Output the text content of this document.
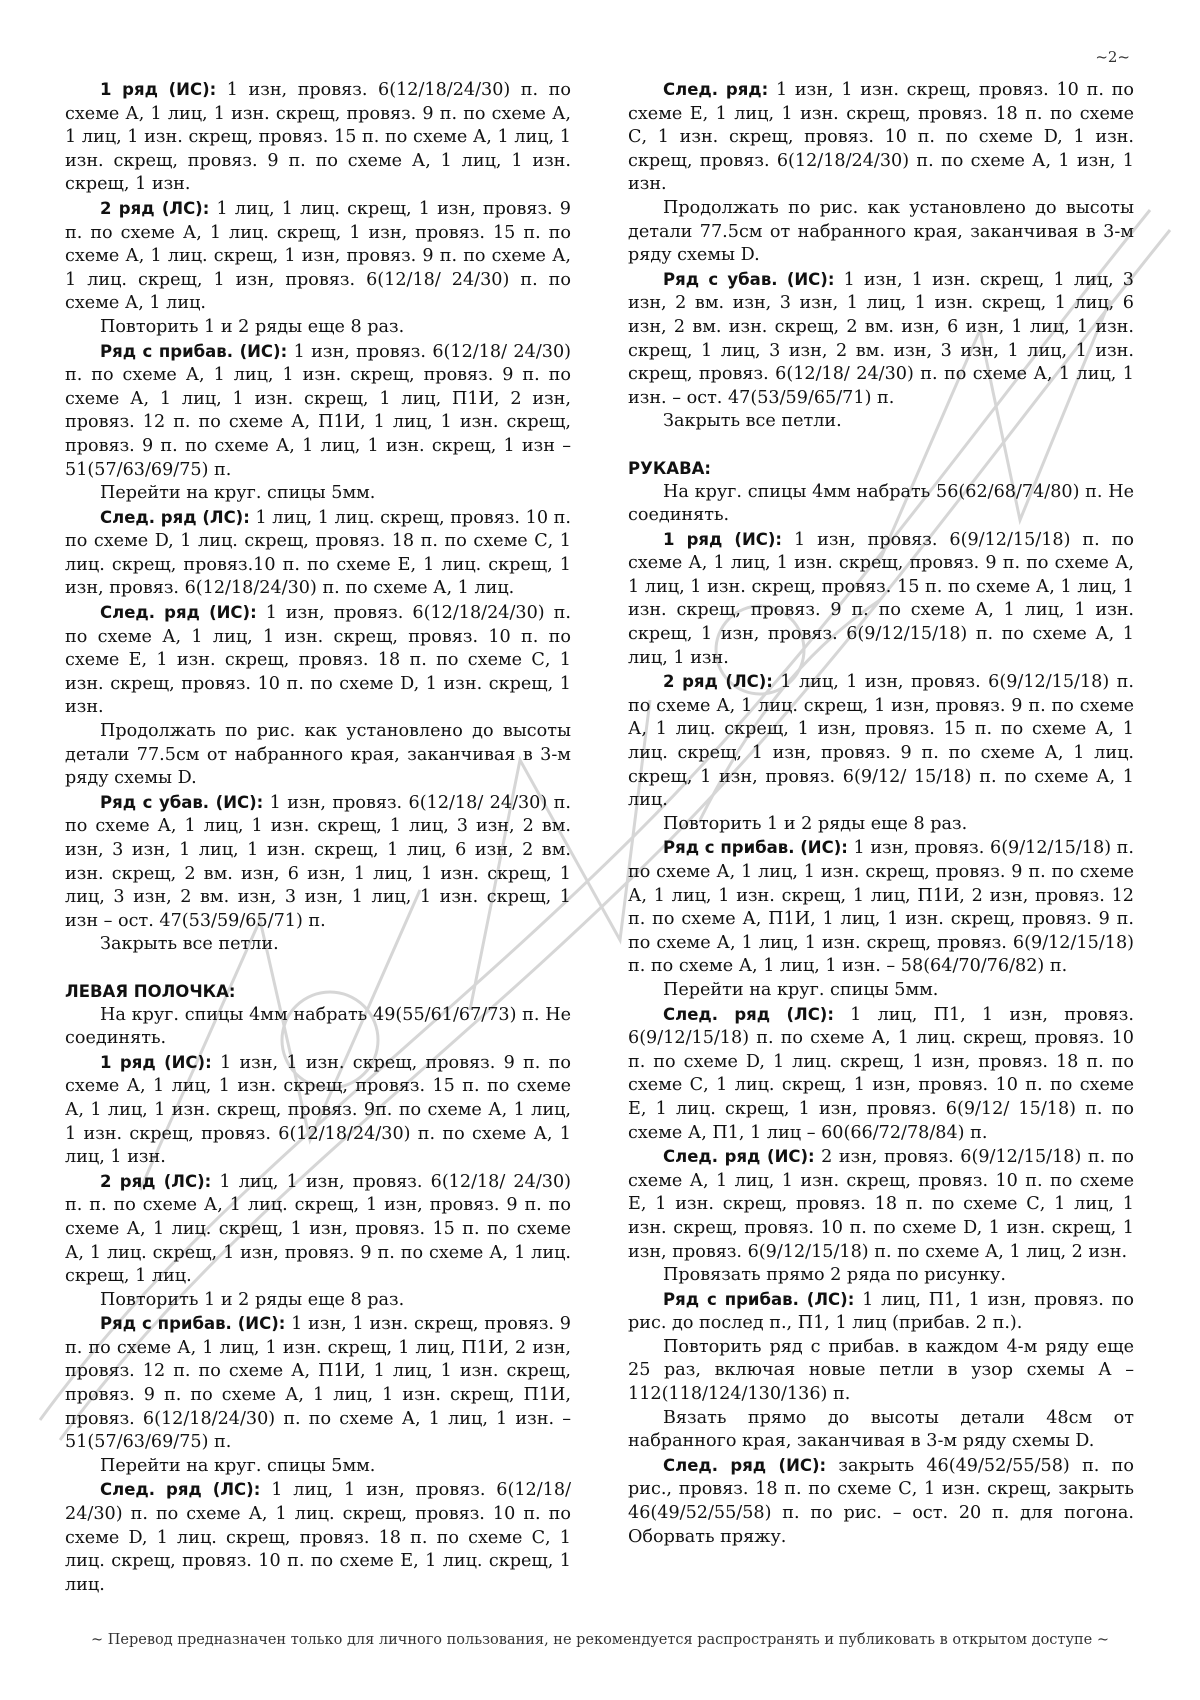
~2~

1 ряд (ИС): 1 изн, провяз. 6(12/18/24/30) п. по схеме А, 1 лиц, 1 изн. скрещ, провяз. 9 п. по схеме А, 1 лиц, 1 изн. скрещ, провяз. 15 п. по схеме А, 1 лиц, 1 изн. скрещ, провяз. 9 п. по схеме А, 1 лиц, 1 изн. скрещ, 1 изн.

2 ряд (ЛС): 1 лиц, 1 лиц. скрещ, 1 изн, провяз. 9 п. по схеме А, 1 лиц. скрещ, 1 изн, провяз. 15 п. по схеме А, 1 лиц. скрещ, 1 изн, провяз. 9 п. по схеме А, 1 лиц. скрещ, 1 изн, провяз. 6(12/18/ 24/30) п. по схеме А, 1 лиц.

Повторить 1 и 2 ряды еще 8 раз.

Ряд с прибав. (ИС): 1 изн, провяз. 6(12/18/ 24/30) п. по схеме А, 1 лиц, 1 изн. скрещ, провяз. 9 п. по схеме А, 1 лиц, 1 изн. скрещ, 1 лиц, П1И, 2 изн, провяз. 12 п. по схеме А, П1И, 1 лиц, 1 изн. скрещ, провяз. 9 п. по схеме А, 1 лиц, 1 изн. скрещ, 1 изн – 51(57/63/69/75) п.

Перейти на круг. спицы 5мм.

След. ряд (ЛС): 1 лиц, 1 лиц. скрещ, провяз. 10 п. по схеме D, 1 лиц. скрещ, провяз. 18 п. по схеме С, 1 лиц. скрещ, провяз.10 п. по схеме Е, 1 лиц. скрещ, 1 изн, провяз. 6(12/18/24/30) п. по схеме А, 1 лиц.

След. ряд (ИС): 1 изн, провяз. 6(12/18/24/30) п. по схеме А, 1 лиц, 1 изн. скрещ, провяз. 10 п. по схеме Е, 1 изн. скрещ, провяз. 18 п. по схеме С, 1 изн. скрещ, провяз. 10 п. по схеме D, 1 изн. скрещ, 1 изн.

Продолжать по рис. как установлено до высоты детали 77.5см от набранного края, заканчивая в 3-м ряду схемы D.

Ряд с убав. (ИС): 1 изн, провяз. 6(12/18/ 24/30) п. по схеме А, 1 лиц, 1 изн. скрещ, 1 лиц, 3 изн, 2 вм. изн, 3 изн, 1 лиц, 1 изн. скрещ, 1 лиц, 6 изн, 2 вм. изн. скрещ, 2 вм. изн, 6 изн, 1 лиц, 1 изн. скрещ, 1 лиц, 3 изн, 2 вм. изн, 3 изн, 1 лиц, 1 изн. скрещ, 1 изн – ост. 47(53/59/65/71) п.

Закрыть все петли.

ЛЕВАЯ ПОЛОЧКА:

На круг. спицы 4мм набрать 49(55/61/67/73) п. Не соединять.

1 ряд (ИС): 1 изн, 1 изн. скрещ, провяз. 9 п. по схеме А, 1 лиц, 1 изн. скрещ, провяз. 15 п. по схеме А, 1 лиц, 1 изн. скрещ, провяз. 9п. по схеме А, 1 лиц, 1 изн. скрещ, провяз. 6(12/18/24/30) п. по схеме А, 1 лиц, 1 изн.

2 ряд (ЛС): 1 лиц, 1 изн, провяз. 6(12/18/ 24/30) п. п. по схеме А, 1 лиц. скрещ, 1 изн, провяз. 9 п. по схеме А, 1 лиц. скрещ, 1 изн, провяз. 15 п. по схеме А, 1 лиц. скрещ, 1 изн, провяз. 9 п. по схеме А, 1 лиц. скрещ, 1 лиц.

Повторить 1 и 2 ряды еще 8 раз.

Ряд с прибав. (ИС): 1 изн, 1 изн. скрещ, провяз. 9 п. по схеме А, 1 лиц, 1 изн. скрещ, 1 лиц, П1И, 2 изн, провяз. 12 п. по схеме А, П1И, 1 лиц, 1 изн. скрещ, провяз. 9 п. по схеме А, 1 лиц, 1 изн. скрещ, П1И, провяз. 6(12/18/24/30) п. по схеме А, 1 лиц, 1 изн. – 51(57/63/69/75) п.

Перейти на круг. спицы 5мм.

След. ряд (ЛС): 1 лиц, 1 изн, провяз. 6(12/18/ 24/30) п. по схеме А, 1 лиц. скрещ, провяз. 10 п. по схеме D, 1 лиц. скрещ, провяз. 18 п. по схеме С, 1 лиц. скрещ, провяз. 10 п. по схеме Е, 1 лиц. скрещ, 1 лиц.

След. ряд: 1 изн, 1 изн. скрещ, провяз. 10 п. по схеме Е, 1 лиц, 1 изн. скрещ, провяз. 18 п. по схеме С, 1 изн. скрещ, провяз. 10 п. по схеме D, 1 изн. скрещ, провяз. 6(12/18/24/30) п. по схеме А, 1 изн, 1 изн.

Продолжать по рис. как установлено до высоты детали 77.5см от набранного края, заканчивая в 3-м ряду схемы D.

Ряд с убав. (ИС): 1 изн, 1 изн. скрещ, 1 лиц, 3 изн, 2 вм. изн, 3 изн, 1 лиц, 1 изн. скрещ, 1 лиц, 6 изн, 2 вм. изн. скрещ, 2 вм. изн, 6 изн, 1 лиц, 1 изн. скрещ, 1 лиц, 3 изн, 2 вм. изн, 3 изн, 1 лиц, 1 изн. скрещ, провяз. 6(12/18/ 24/30) п. по схеме А, 1 лиц, 1 изн. – ост. 47(53/59/65/71) п.

Закрыть все петли.

РУКАВА:

На круг. спицы 4мм набрать 56(62/68/74/80) п. Не соединять.

1 ряд (ИС): 1 изн, провяз. 6(9/12/15/18) п. по схеме А, 1 лиц, 1 изн. скрещ, провяз. 9 п. по схеме А, 1 лиц, 1 изн. скрещ, провяз. 15 п. по схеме А, 1 лиц, 1 изн. скрещ, провяз. 9 п. по схеме А, 1 лиц, 1 изн. скрещ, 1 изн, провяз. 6(9/12/15/18) п. по схеме А, 1 лиц, 1 изн.

2 ряд (ЛС): 1 лиц, 1 изн, провяз. 6(9/12/15/18) п. по схеме А, 1 лиц. скрещ, 1 изн, провяз. 9 п. по схеме А, 1 лиц. скрещ, 1 изн, провяз. 15 п. по схеме А, 1 лиц. скрещ, 1 изн, провяз. 9 п. по схеме А, 1 лиц. скрещ, 1 изн, провяз. 6(9/12/ 15/18) п. по схеме А, 1 лиц.

Повторить 1 и 2 ряды еще 8 раз.

Ряд с прибав. (ИС): 1 изн, провяз. 6(9/12/15/18) п. по схеме А, 1 лиц, 1 изн. скрещ, провяз. 9 п. по схеме А, 1 лиц, 1 изн. скрещ, 1 лиц, П1И, 2 изн, провяз. 12 п. по схеме А, П1И, 1 лиц, 1 изн. скрещ, провяз. 9 п. по схеме А, 1 лиц, 1 изн. скрещ, провяз. 6(9/12/15/18) п. по схеме А, 1 лиц, 1 изн. – 58(64/70/76/82) п.

Перейти на круг. спицы 5мм.

След. ряд (ЛС): 1 лиц, П1, 1 изн, провяз. 6(9/12/15/18) п. по схеме А, 1 лиц. скрещ, провяз. 10 п. по схеме D, 1 лиц. скрещ, 1 изн, провяз. 18 п. по схеме С, 1 лиц. скрещ, 1 изн, провяз. 10 п. по схеме Е, 1 лиц. скрещ, 1 изн, провяз. 6(9/12/ 15/18) п. по схеме А, П1, 1 лиц – 60(66/72/78/84) п.

След. ряд (ИС): 2 изн, провяз. 6(9/12/15/18) п. по схеме А, 1 лиц, 1 изн. скрещ, провяз. 10 п. по схеме Е, 1 изн. скрещ, провяз. 18 п. по схеме С, 1 лиц, 1 изн. скрещ, провяз. 10 п. по схеме D, 1 изн. скрещ, 1 изн, провяз. 6(9/12/15/18) п. по схеме А, 1 лиц, 2 изн.

Провязать прямо 2 ряда по рисунку.

Ряд с прибав. (ЛС): 1 лиц, П1, 1 изн, провяз. по рис. до послед п., П1, 1 лиц (прибав. 2 п.).

Повторить ряд с прибав. в каждом 4-м ряду еще 25 раз, включая новые петли в узор схемы А – 112(118/124/130/136) п.

Вязать прямо до высоты детали 48см от набранного края, заканчивая в 3-м ряду схемы D.

След. ряд (ИС): закрыть 46(49/52/55/58) п. по рис., провяз. 18 п. по схеме С, 1 изн. скрещ, закрыть 46(49/52/55/58) п. по рис. – ост. 20 п. для погона. Оборвать пряжу.

~ Перевод предназначен только для личного пользования, не рекомендуется распространять и публиковать в открытом доступе ~
